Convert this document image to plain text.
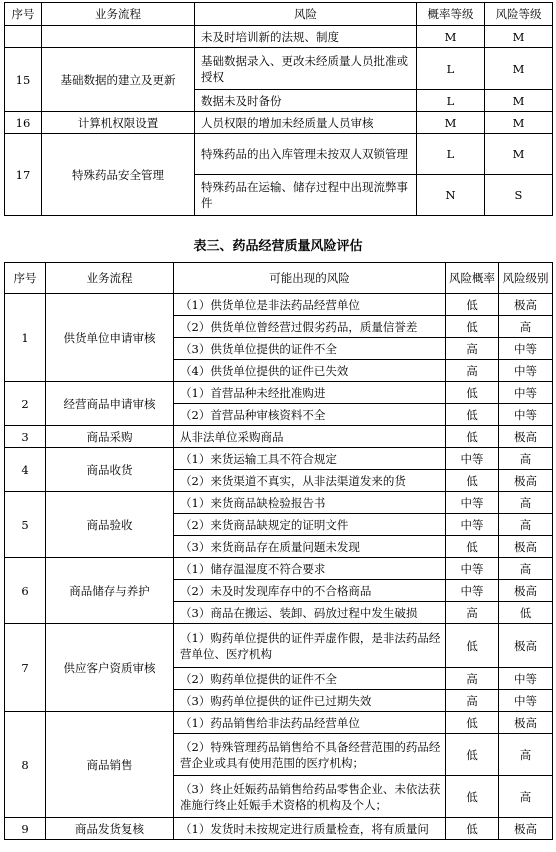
序号	业务流程	风险	概率等级	风险等级
		未及时培训新的法规、制度	M	M
15	基础数据的建立及更新	基础数据录入、更改未经质量人员批准或授权	L	M
		数据未及时备份	L	M
16	计算机权限设置	人员权限的增加未经质量人员审核	M	M
17	特殊药品安全管理	特殊药品的出入库管理未按双人双锁管理	L	M
		特殊药品在运输、储存过程中出现流弊事件	N	S
表三、药品经营质量风险评估
序号	业务流程	可能出现的风险	风险概率	风险级别
1	供货单位申请审核	（1）供货单位是非法药品经营单位	低	极高
		（2）供货单位曾经营过假劣药品，质量信誉差	低	高
		（3）供货单位提供的证件不全	高	中等
		（4）供货单位提供的证件已失效	高	中等
2	经营商品申请审核	（1）首营品种未经批准购进	低	中等
		（2）首营品种审核资料不全	低	中等
3	商品采购	从非法单位采购商品	低	极高
4	商品收货	（1）来货运输工具不符合规定	中等	高
		（2）来货渠道不真实，从非法渠道发来的货	低	极高
5	商品验收	（1）来货商品缺检验报告书	中等	高
		（2）来货商品缺规定的证明文件	中等	高
		（3）来货商品存在质量问题未发现	低	极高
6	商品储存与养护	（1）储存温湿度不符合要求	中等	高
		（2）未及时发现库存中的不合格商品	中等	极高
		（3）商品在搬运、装卸、码放过程中发生破损	高	低
7	供应客户资质审核	（1）购药单位提供的证件弄虚作假，是非法药品经营单位、医疗机构	低	极高
		（2）购药单位提供的证件不全	高	中等
		（3）购药单位提供的证件已过期失效	高	中等
8	商品销售	（1）药品销售给非法药品经营单位	低	极高
		（2）特殊管理药品销售给不具备经营范围的药品经营企业或具有使用范围的医疗机构；	低	高
		（3）终止妊娠药品销售给药品零售企业、未依法获准施行终止妊娠手术资格的机构及个人；	低	高
9	商品发货复核	（1）发货时未按规定进行质量检查，将有质量问	低	极高
